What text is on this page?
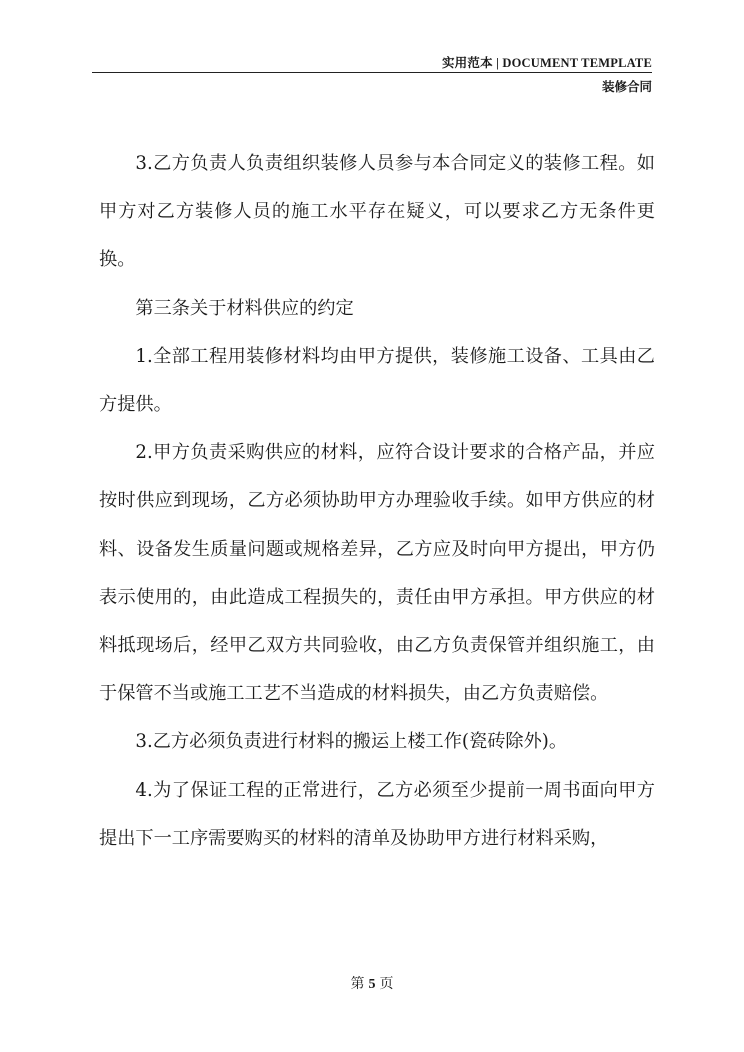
实用范本 | DOCUMENT TEMPLATE
装修合同

3.乙方负责人负责组织装修人员参与本合同定义的装修工程。如甲方对乙方装修人员的施工水平存在疑义，可以要求乙方无条件更换。

第三条关于材料供应的约定

1.全部工程用装修材料均由甲方提供，装修施工设备、工具由乙方提供。

2.甲方负责采购供应的材料，应符合设计要求的合格产品，并应按时供应到现场，乙方必须协助甲方办理验收手续。如甲方供应的材料、设备发生质量问题或规格差异，乙方应及时向甲方提出，甲方仍表示使用的，由此造成工程损失的，责任由甲方承担。甲方供应的材料抵现场后，经甲乙双方共同验收，由乙方负责保管并组织施工，由于保管不当或施工工艺不当造成的材料损失，由乙方负责赔偿。

3.乙方必须负责进行材料的搬运上楼工作(瓷砖除外)。

4.为了保证工程的正常进行，乙方必须至少提前一周书面向甲方提出下一工序需要购买的材料的清单及协助甲方进行材料采购，

第 5 页
